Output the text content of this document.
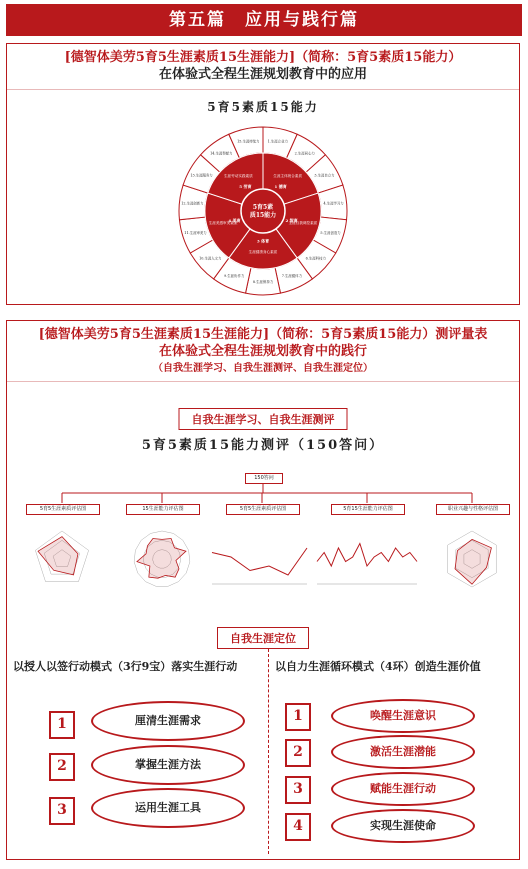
第五篇　应用与践行篇
[德智体美劳5育5生涯素质15生涯能力]（简称：5育5素质15能力）
在体验式全程生涯规划教育中的应用
5育5素质15能力
1.生涯立业力
2.生涯同心力
3.生涯自立力
4.生涯学习力
5.生涯创造力
6.生涯科技力
7.生涯健体力
8.生涯保持力
9.生涯协作力
10.生涯人文力
11.生涯审美力
12.生涯创新力
13.生涯服务力
14.生涯奉献力
15.生涯持续力
生涯主体统合素质
1 德育
生涯自我调控素质
2 智育
生涯健康身心素质
3 体育
生涯美感审美素质
4 美育
生涯劳动实践素质
5 劳育
5育5素
质15能力
[德智体美劳5育5生涯素质15生涯能力]（简称：5育5素质15能力）测评量表
在体验式全程生涯规划教育中的践行
（自我生涯学习、自我生涯测评、自我生涯定位）
自我生涯学习、自我生涯测评
5育5素质15能力测评（150答问）
150答问
5育5生涯素质评估图	15生涯能力评估图	5育5生涯素质评估图	5育15生涯能力评估图	职业兴趣与性格评估图
自我生涯定位
以授人以签行动模式（3行9宝）落实生涯行动	以自力生涯循环模式（4环）创造生涯价值
1	厘清生涯需求
2	掌握生涯方法
3	运用生涯工具
1	唤醒生涯意识
2	激活生涯潜能
3	赋能生涯行动
4	实现生涯使命
